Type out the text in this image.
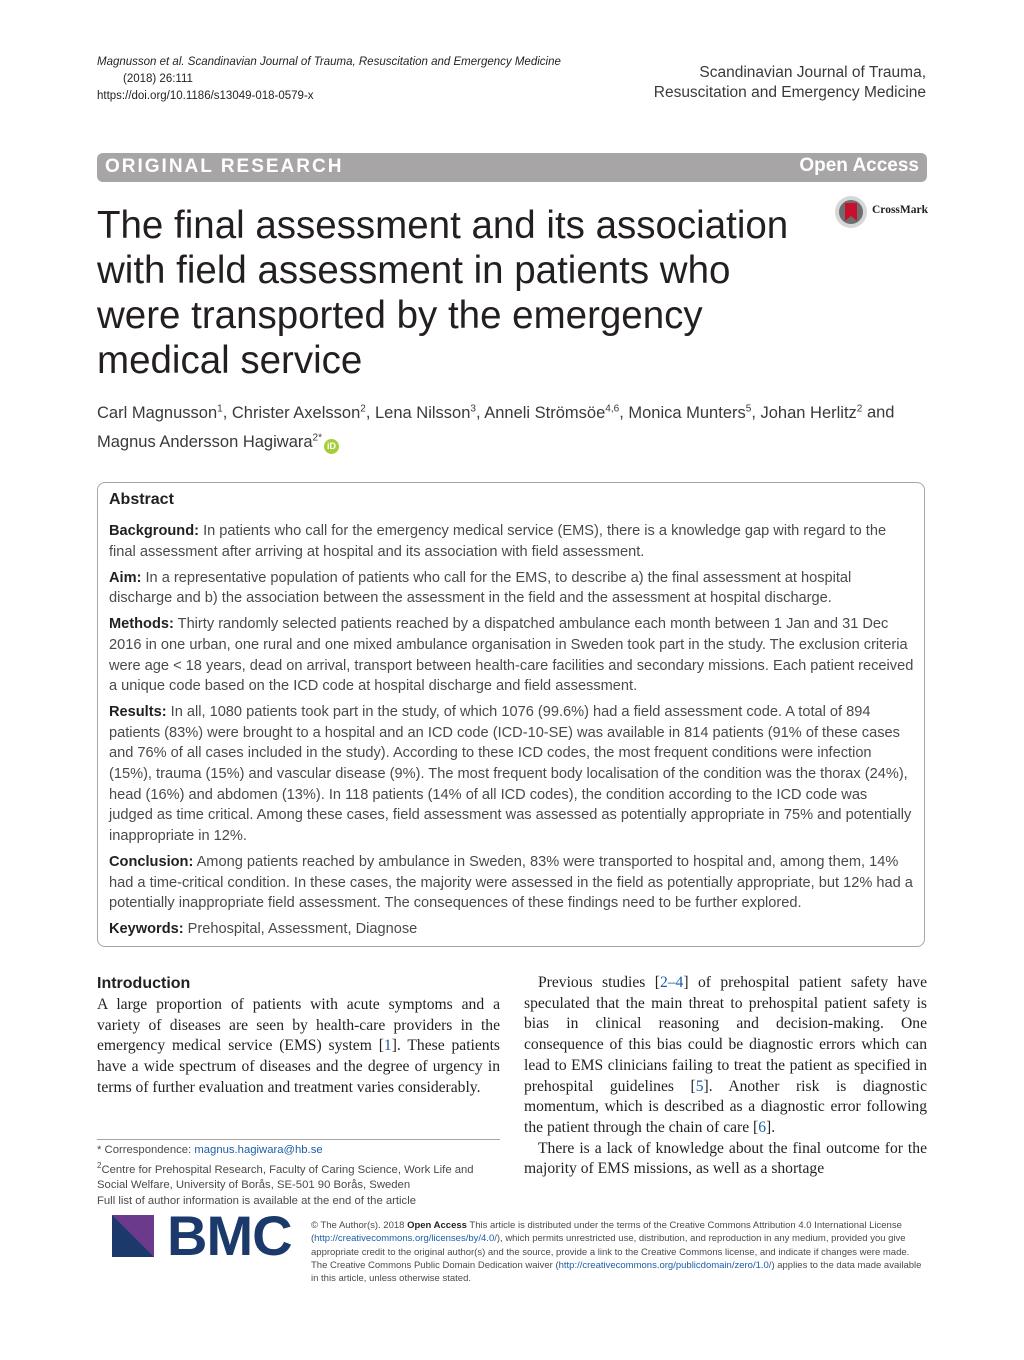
Magnusson et al. Scandinavian Journal of Trauma, Resuscitation and Emergency Medicine
(2018) 26:111
https://doi.org/10.1186/s13049-018-0579-x
Scandinavian Journal of Trauma,
Resuscitation and Emergency Medicine
ORIGINAL RESEARCH	Open Access
CrossMark
The final assessment and its association with field assessment in patients who were transported by the emergency medical service
Carl Magnusson$^1$, Christer Axelsson$^2$, Lena Nilsson$^3$, Anneli Strömsöe$^{4,6}$, Monica Munters$^5$, Johan Herlitz$^2$ and Magnus Andersson Hagiwara$^{2*}$iD
Abstract

Background: In patients who call for the emergency medical service (EMS), there is a knowledge gap with regard to the final assessment after arriving at hospital and its association with field assessment.

Aim: In a representative population of patients who call for the EMS, to describe a) the final assessment at hospital discharge and b) the association between the assessment in the field and the assessment at hospital discharge.

Methods: Thirty randomly selected patients reached by a dispatched ambulance each month between 1 Jan and 31 Dec 2016 in one urban, one rural and one mixed ambulance organisation in Sweden took part in the study. The exclusion criteria were age < 18 years, dead on arrival, transport between health-care facilities and secondary missions. Each patient received a unique code based on the ICD code at hospital discharge and field assessment.

Results: In all, 1080 patients took part in the study, of which 1076 (99.6%) had a field assessment code. A total of 894 patients (83%) were brought to a hospital and an ICD code (ICD-10-SE) was available in 814 patients (91% of these cases and 76% of all cases included in the study). According to these ICD codes, the most frequent conditions were infection (15%), trauma (15%) and vascular disease (9%). The most frequent body localisation of the condition was the thorax (24%), head (16%) and abdomen (13%). In 118 patients (14% of all ICD codes), the condition according to the ICD code was judged as time critical. Among these cases, field assessment was assessed as potentially appropriate in 75% and potentially inappropriate in 12%.

Conclusion: Among patients reached by ambulance in Sweden, 83% were transported to hospital and, among them, 14% had a time-critical condition. In these cases, the majority were assessed in the field as potentially appropriate, but 12% had a potentially inappropriate field assessment. The consequences of these findings need to be further explored.

Keywords: Prehospital, Assessment, Diagnose

Introduction
A large proportion of patients with acute symptoms and a variety of diseases are seen by health-care providers in the emergency medical service (EMS) system [1]. These patients have a wide spectrum of diseases and the degree of urgency in terms of further evaluation and treatment varies considerably.

Previous studies [2–4] of prehospital patient safety have speculated that the main threat to prehospital patient safety is bias in clinical reasoning and decision-making. One consequence of this bias could be diagnostic errors which can lead to EMS clinicians failing to treat the patient as specified in prehospital guidelines [5]. Another risk is diagnostic momentum, which is described as a diagnostic error following the patient through the chain of care [6].

There is a lack of knowledge about the final outcome for the majority of EMS missions, as well as a shortage

* Correspondence: magnus.hagiwara@hb.se
$^2$Centre for Prehospital Research, Faculty of Caring Science, Work Life and Social Welfare, University of Borås, SE-501 90 Borås, Sweden
Full list of author information is available at the end of the article
BMC © The Author(s). 2018 Open Access This article is distributed under the terms of the Creative Commons Attribution 4.0 International License (http://creativecommons.org/licenses/by/4.0/), which permits unrestricted use, distribution, and reproduction in any medium, provided you give appropriate credit to the original author(s) and the source, provide a link to the Creative Commons license, and indicate if changes were made. The Creative Commons Public Domain Dedication waiver (http://creativecommons.org/publicdomain/zero/1.0/) applies to the data made available in this article, unless otherwise stated.
